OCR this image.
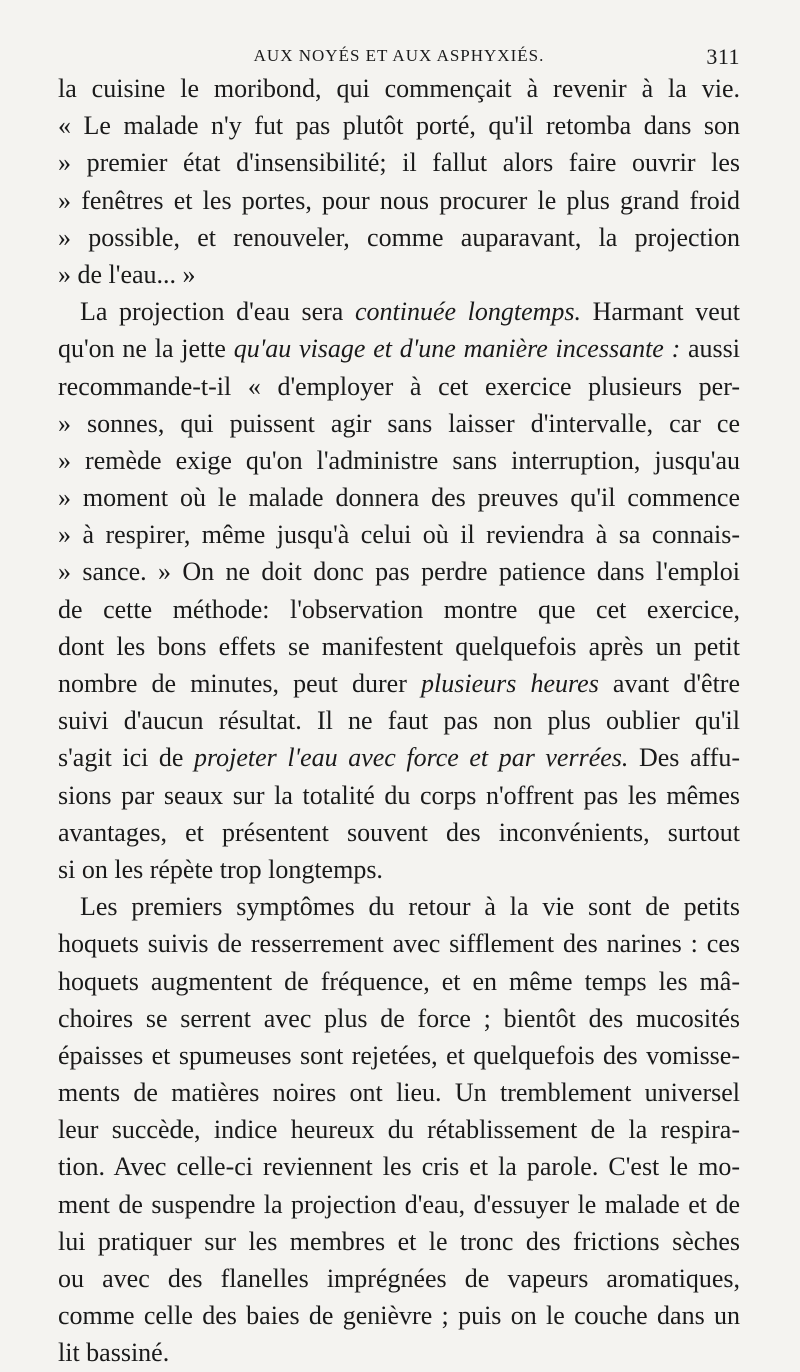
AUX NOYÉS ET AUX ASPHYXIÉS.	311
la cuisine le moribond, qui commençait à revenir à la vie.
« Le malade n'y fut pas plutôt porté, qu'il retomba dans son
» premier état d'insensibilité; il fallut alors faire ouvrir les
» fenêtres et les portes, pour nous procurer le plus grand froid
» possible, et renouveler, comme auparavant, la projection
» de l'eau... »
La projection d'eau sera continuée longtemps. Harmant veut
qu'on ne la jette qu'au visage et d'une manière incessante : aussi
recommande-t-il « d'employer à cet exercice plusieurs per-
» sonnes, qui puissent agir sans laisser d'intervalle, car ce
» remède exige qu'on l'administre sans interruption, jusqu'au
» moment où le malade donnera des preuves qu'il commence
» à respirer, même jusqu'à celui où il reviendra à sa connais-
» sance. » On ne doit donc pas perdre patience dans l'emploi
de cette méthode: l'observation montre que cet exercice,
dont les bons effets se manifestent quelquefois après un petit
nombre de minutes, peut durer plusieurs heures avant d'être
suivi d'aucun résultat. Il ne faut pas non plus oublier qu'il
s'agit ici de projeter l'eau avec force et par verrées. Des affu-
sions par seaux sur la totalité du corps n'offrent pas les mêmes
avantages, et présentent souvent des inconvénients, surtout
si on les répète trop longtemps.
Les premiers symptômes du retour à la vie sont de petits
hoquets suivis de resserrement avec sifflement des narines : ces
hoquets augmentent de fréquence, et en même temps les mâ-
choires se serrent avec plus de force ; bientôt des mucosités
épaisses et spumeuses sont rejetées, et quelquefois des vomisse-
ments de matières noires ont lieu. Un tremblement universel
leur succède, indice heureux du rétablissement de la respira-
tion. Avec celle-ci reviennent les cris et la parole. C'est le mo-
ment de suspendre la projection d'eau, d'essuyer le malade et de
lui pratiquer sur les membres et le tronc des frictions sèches
ou avec des flanelles imprégnées de vapeurs aromatiques,
comme celle des baies de genièvre ; puis on le couche dans un
lit bassiné.
